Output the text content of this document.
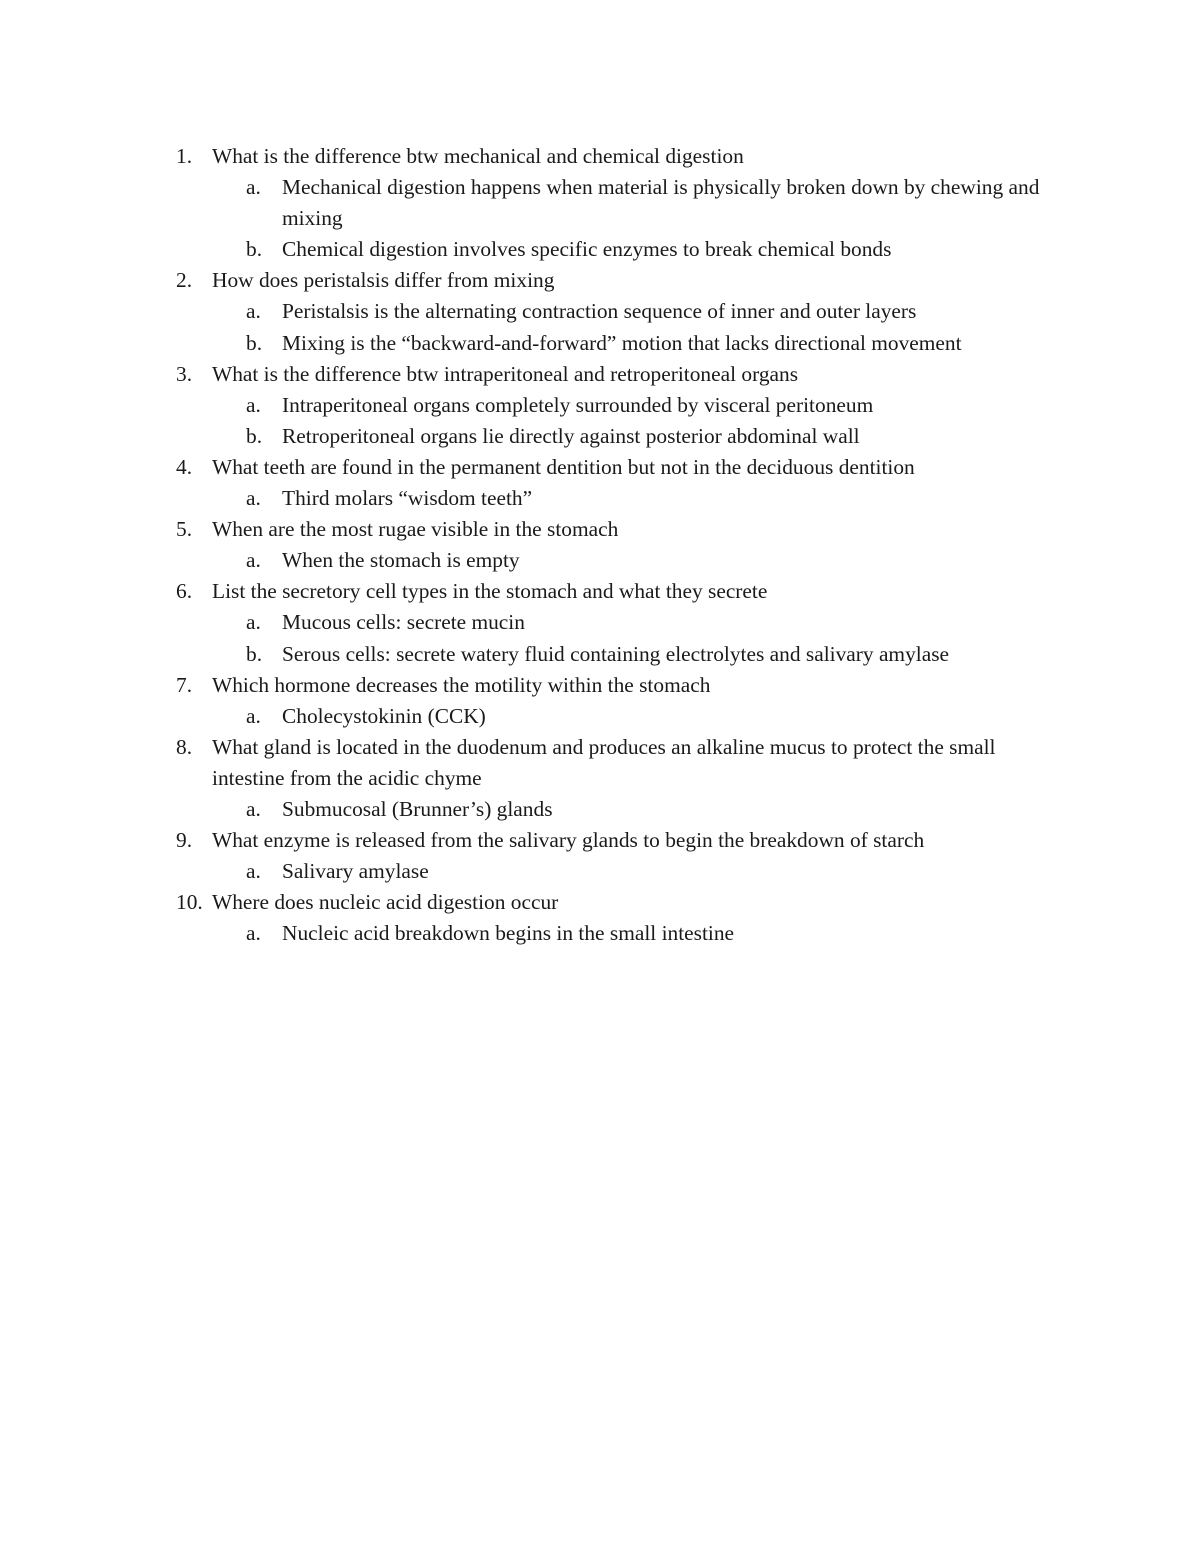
1. What is the difference btw mechanical and chemical digestion
a. Mechanical digestion happens when material is physically broken down by chewing and mixing
b. Chemical digestion involves specific enzymes to break chemical bonds
2. How does peristalsis differ from mixing
a. Peristalsis is the alternating contraction sequence of inner and outer layers
b. Mixing is the “backward-and-forward” motion that lacks directional movement
3. What is the difference btw intraperitoneal and retroperitoneal organs
a. Intraperitoneal organs completely surrounded by visceral peritoneum
b. Retroperitoneal organs lie directly against posterior abdominal wall
4. What teeth are found in the permanent dentition but not in the deciduous dentition
a. Third molars “wisdom teeth”
5. When are the most rugae visible in the stomach
a. When the stomach is empty
6. List the secretory cell types in the stomach and what they secrete
a. Mucous cells: secrete mucin
b. Serous cells: secrete watery fluid containing electrolytes and salivary amylase
7. Which hormone decreases the motility within the stomach
a. Cholecystokinin (CCK)
8. What gland is located in the duodenum and produces an alkaline mucus to protect the small intestine from the acidic chyme
a. Submucosal (Brunner’s) glands
9. What enzyme is released from the salivary glands to begin the breakdown of starch
a. Salivary amylase
10. Where does nucleic acid digestion occur
a. Nucleic acid breakdown begins in the small intestine
